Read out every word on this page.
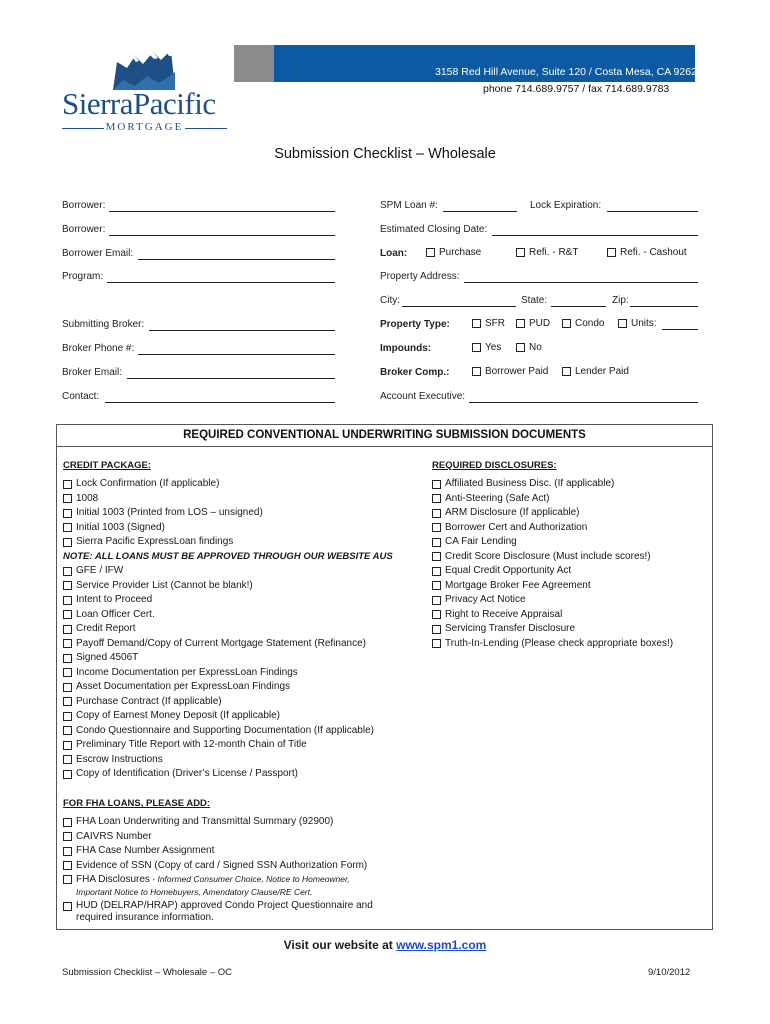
SierraPacific
MORTGAGE
3158 Red Hill Avenue, Suite 120 / Costa Mesa, CA 92626
phone 714.689.9757 / fax 714.689.9783
Submission Checklist – Wholesale
Borrower:
Borrower:
Borrower Email:
Program:
Submitting Broker:
Broker Phone #:
Broker Email:
Contact:
SPM Loan #:	Lock Expiration:
Estimated Closing Date:
Loan:	Purchase	Refi. - R&T	Refi. - Cashout
Property Address:
City:	State:	Zip:
Property Type:	SFR PUD Condo	Units:
Impounds:	Yes	No
Broker Comp.:	Borrower Paid	Lender Paid
Account Executive:
REQUIRED CONVENTIONAL UNDERWRITING SUBMISSION DOCUMENTS
CREDIT PACKAGE:
Lock Confirmation (If applicable)
1008
Initial 1003 (Printed from LOS – unsigned)
Initial 1003 (Signed)
Sierra Pacific ExpressLoan findings
NOTE: ALL LOANS MUST BE APPROVED THROUGH OUR WEBSITE AUS
GFE / IFW
Service Provider List (Cannot be blank!)
Intent to Proceed
Loan Officer Cert.
Credit Report
Payoff Demand/Copy of Current Mortgage Statement (Refinance)
Signed 4506T
Income Documentation per ExpressLoan Findings
Asset Documentation per ExpressLoan Findings
Purchase Contract (If applicable)
Copy of Earnest Money Deposit (If applicable)
Condo Questionnaire and Supporting Documentation (If applicable)
Preliminary Title Report with 12-month Chain of Title
Escrow Instructions
Copy of Identification (Driver’s License / Passport)
REQUIRED DISCLOSURES:
Affiliated Business Disc. (If applicable)
Anti-Steering (Safe Act)
ARM Disclosure (If applicable)
Borrower Cert and Authorization
CA Fair Lending
Credit Score Disclosure (Must include scores!)
Equal Credit Opportunity Act
Mortgage Broker Fee Agreement
Privacy Act Notice
Right to Receive Appraisal
Servicing Transfer Disclosure
Truth-In-Lending (Please check appropriate boxes!)
FOR FHA LOANS, PLEASE ADD:
FHA Loan Underwriting and Transmittal Summary (92900)
CAIVRS Number
FHA Case Number Assignment
Evidence of SSN (Copy of card / Signed SSN Authorization Form)
FHA Disclosures - Informed Consumer Choice, Notice to Homeowner,
Important Notice to Homebuyers, Amendatory Clause/RE Cert.
HUD (DELRAP/HRAP) approved Condo Project Questionnaire and
required insurance information.
Visit our website at www.spm1.com
Submission Checklist – Wholesale – OC	9/10/2012
